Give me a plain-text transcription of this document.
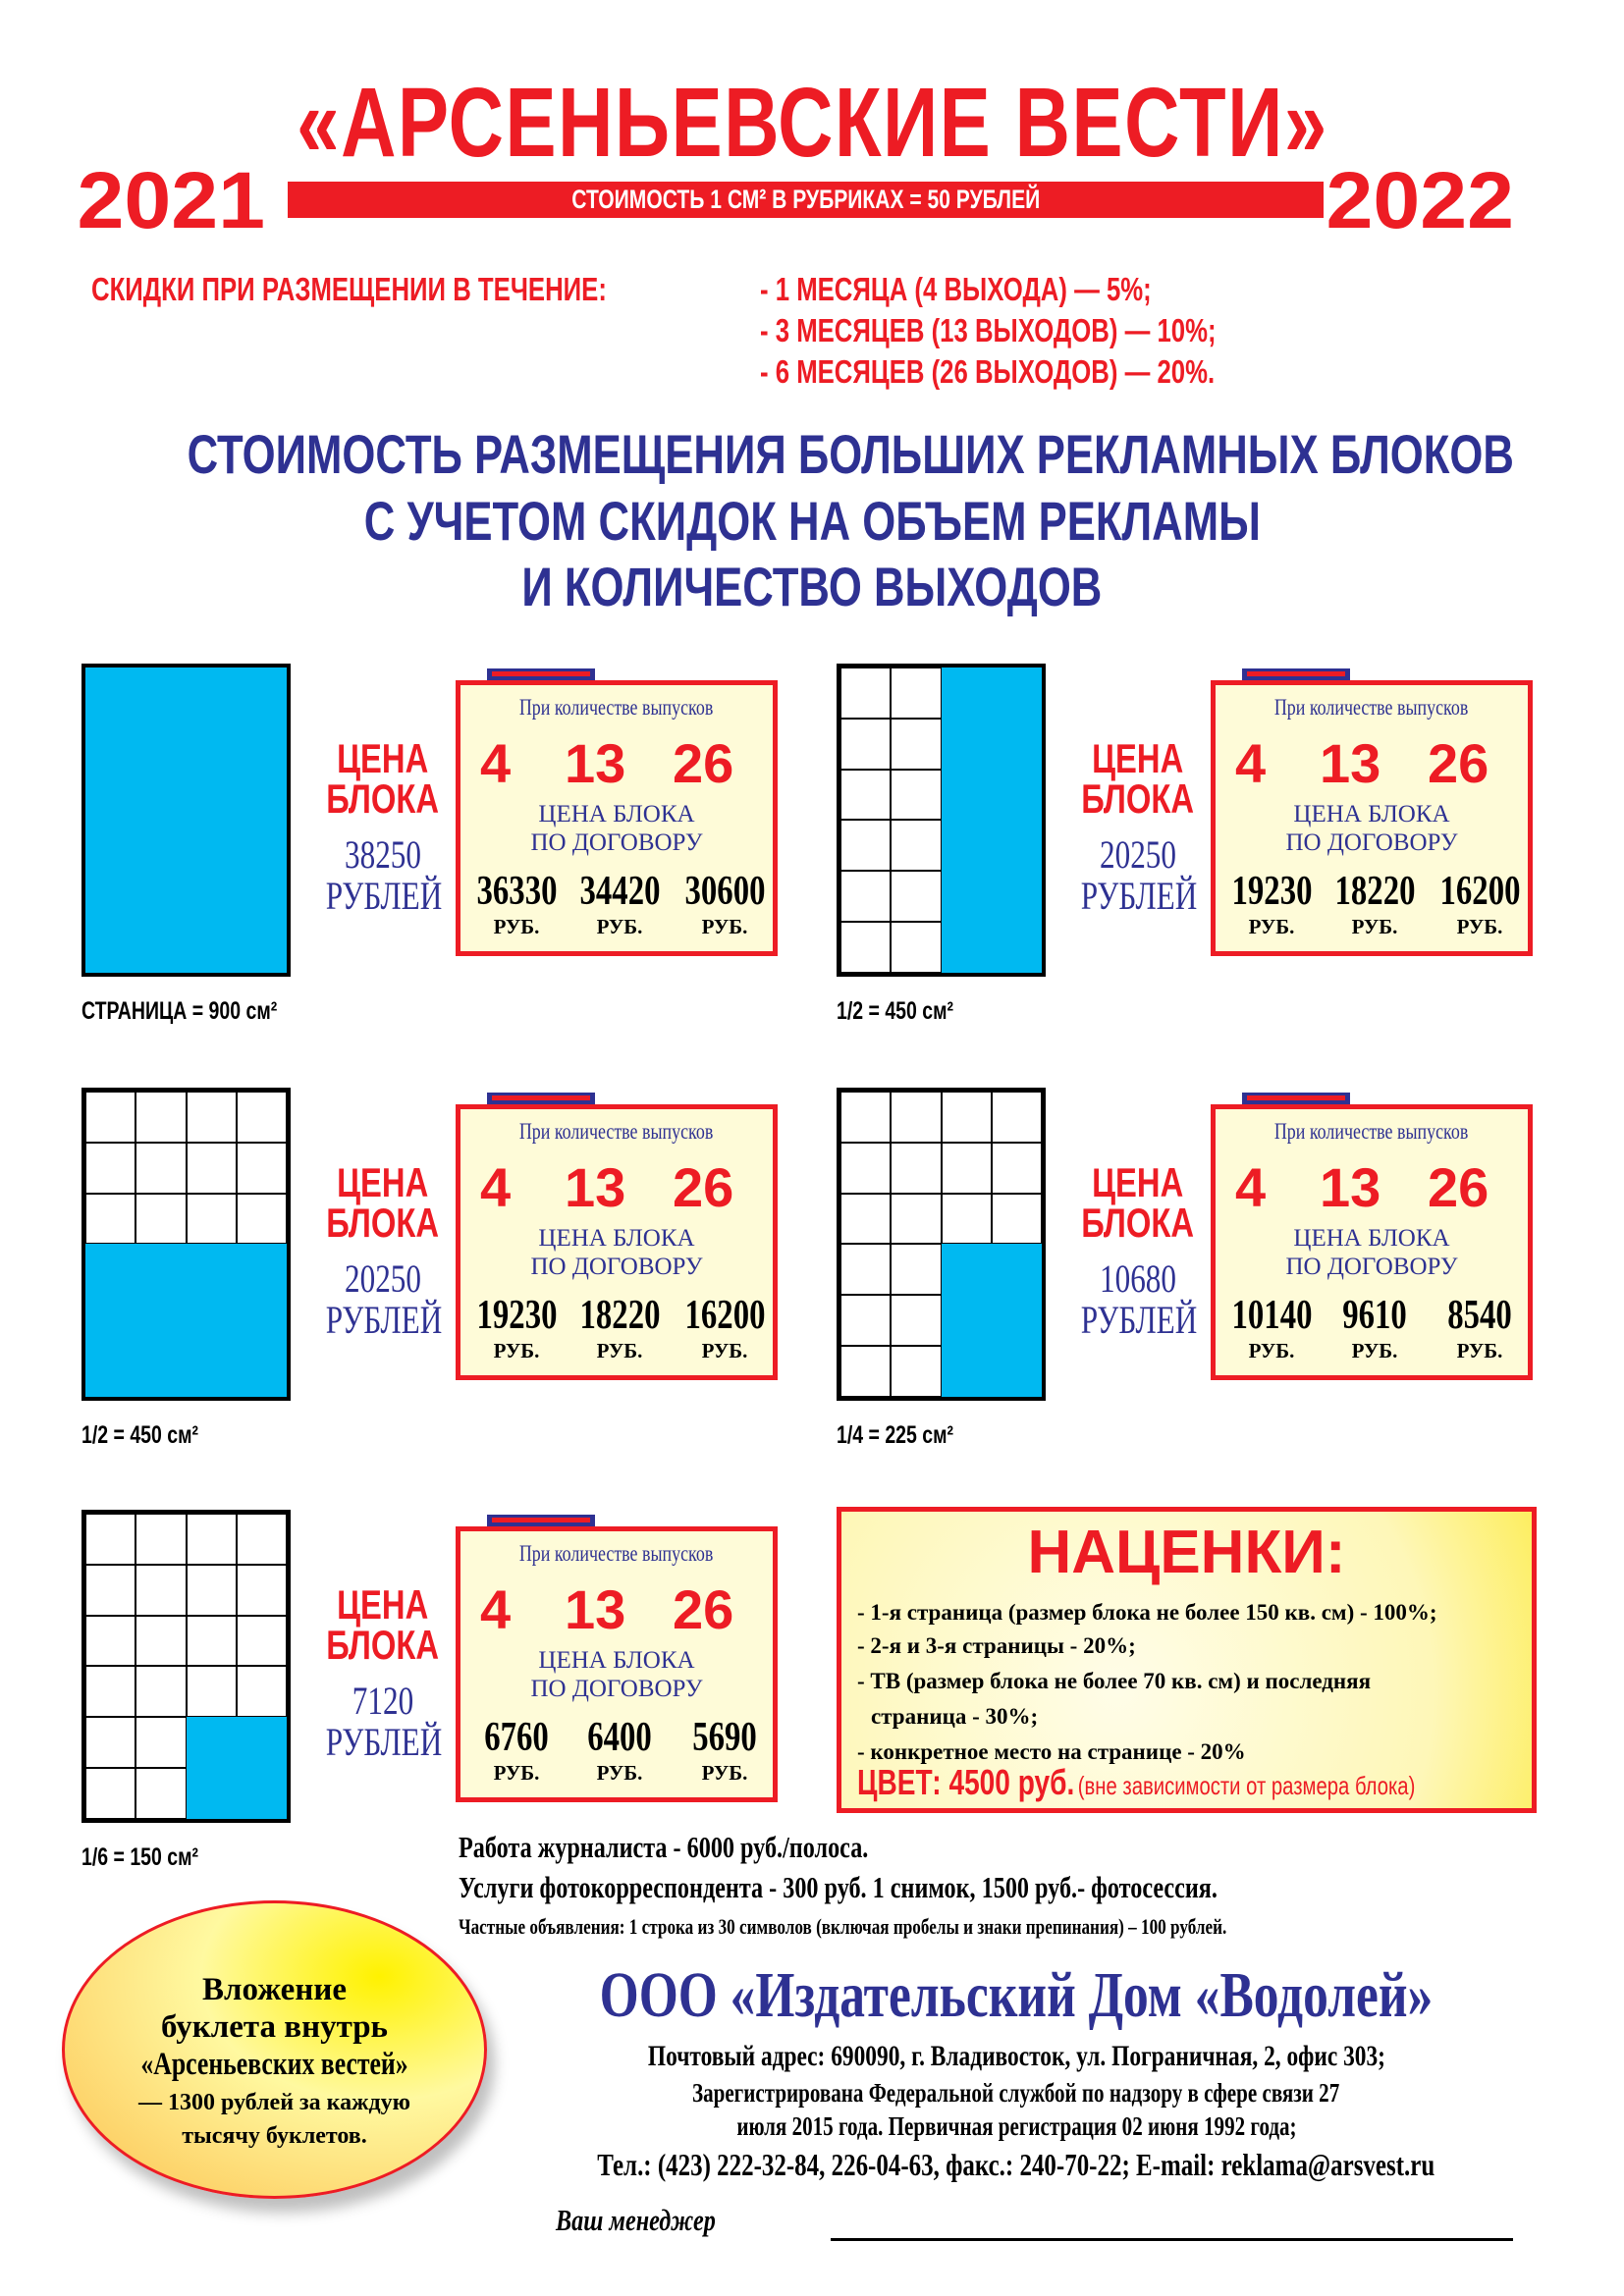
«АРСЕНЬЕВСКИЕ ВЕСТИ»
2021	2022
СТОИМОСТЬ 1 СМ² В РУБРИКАХ = 50 РУБЛЕЙ
СКИДКИ ПРИ РАЗМЕЩЕНИИ В ТЕЧЕНИЕ:	- 1 МЕСЯЦА (4 ВЫХОДА) — 5%;
- 3 МЕСЯЦЕВ (13 ВЫХОДОВ) — 10%;
- 6 МЕСЯЦЕВ (26 ВЫХОДОВ) — 20%.
СТОИМОСТЬ РАЗМЕЩЕНИЯ БОЛЬШИХ РЕКЛАМНЫХ БЛОКОВ
С УЧЕТОМ СКИДОК НА ОБЪЕМ РЕКЛАМЫ
И КОЛИЧЕСТВО ВЫХОДОВ
СТРАНИЦА = 900 см²
ЦЕНА
БЛОКА
38250
РУБЛЕЙ
При количестве выпусков
4 13 26
ЦЕНА БЛОКА
ПО ДОГОВОРУ
36330
РУБ.
34420
РУБ.
30600
РУБ.
1/2 = 450 см²
ЦЕНА
БЛОКА
20250
РУБЛЕЙ
При количестве выпусков
4 13 26
ЦЕНА БЛОКА
ПО ДОГОВОРУ
19230
РУБ.
18220
РУБ.
16200
РУБ.
1/2 = 450 см²
ЦЕНА
БЛОКА
20250
РУБЛЕЙ
При количестве выпусков
4 13 26
ЦЕНА БЛОКА
ПО ДОГОВОРУ
19230
РУБ.
18220
РУБ.
16200
РУБ.
1/4 = 225 см²
ЦЕНА
БЛОКА
10680
РУБЛЕЙ
При количестве выпусков
4 13 26
ЦЕНА БЛОКА
ПО ДОГОВОРУ
10140
РУБ.
9610
РУБ.
8540
РУБ.
1/6 = 150 см²
ЦЕНА
БЛОКА
7120
РУБЛЕЙ
При количестве выпусков
4 13 26
ЦЕНА БЛОКА
ПО ДОГОВОРУ
6760
РУБ.
6400
РУБ.
5690
РУБ.
НАЦЕНКИ:
- 1-я страница (размер блока не более 150 кв. см) - 100%;
- 2-я и 3-я страницы - 20%;
- ТВ (размер блока не более 70 кв. см) и последняя
страница - 30%;
- конкретное место на странице - 20%
ЦВЕТ: 4500 руб. (вне зависимости от размера блока)
Работа журналиста - 6000 руб./полоса.
Услуги фотокорреспондента - 300 руб. 1 снимок, 1500 руб.- фотосессия.
Частные объявления: 1 строка из 30 символов (включая пробелы и знаки препинания) – 100 рублей.
Вложение
буклета внутрь
«Арсеньевских вестей»
— 1300 рублей за каждую
тысячу буклетов.
ООО «Издательский Дом «Водолей»
Почтовый адрес: 690090, г. Владивосток, ул. Пограничная, 2, офис 303;
Зарегистрирована Федеральной службой по надзору в сфере связи 27
июля 2015 года. Первичная регистрация 02 июня 1992 года;
Тел.: (423) 222-32-84, 226-04-63, факс.: 240-70-22; E-mail: reklama@arsvest.ru
Ваш менеджер
